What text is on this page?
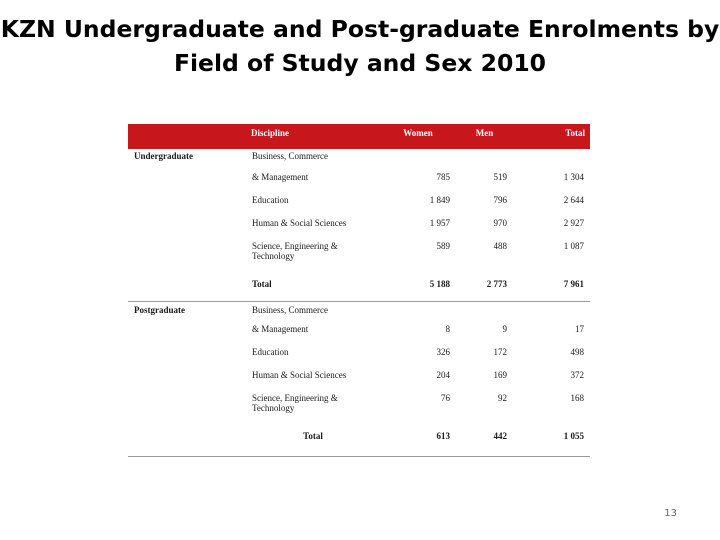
KZN Undergraduate and Post-graduate Enrolments by
Field of Study and Sex 2010
	Discipline	Women	Men	Total
Undergraduate	Business, Commerce			
	& Management	785	519	1 304
	Education	1 849	796	2 644
	Human & Social Sciences	1 957	970	2 927

	Science, Engineering &
Technology	589	488	1 087
	Total	5 188	2 773	7 961
Postgraduate	Business, Commerce			
	& Management	8	9	17
	Education	326	172	498
	Human & Social Sciences	204	169	372

	Science, Engineering &
Technology	76	92	168
	Total	613	442	1 055
13
